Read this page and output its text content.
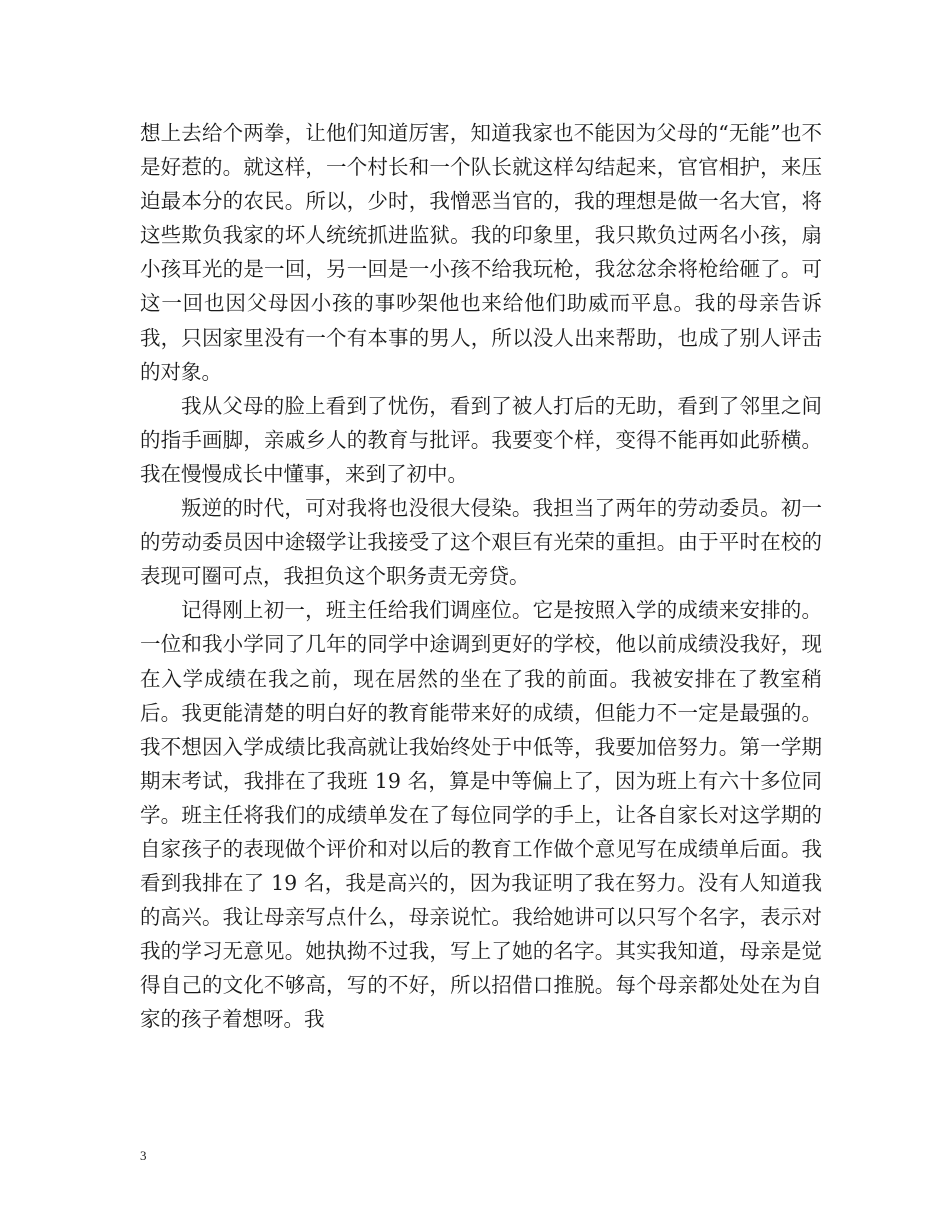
想上去给个两拳，让他们知道厉害，知道我家也不能因为父母的“无能”也不是好惹的。就这样，一个村长和一个队长就这样勾结起来，官官相护，来压迫最本分的农民。所以，少时，我憎恶当官的，我的理想是做一名大官，将这些欺负我家的坏人统统抓进监狱。我的印象里，我只欺负过两名小孩，扇小孩耳光的是一回，另一回是一小孩不给我玩枪，我忿忿余将枪给砸了。可这一回也因父母因小孩的事吵架他也来给他们助威而平息。我的母亲告诉我，只因家里没有一个有本事的男人，所以没人出来帮助，也成了别人评击的对象。

我从父母的脸上看到了忧伤，看到了被人打后的无助，看到了邻里之间的指手画脚，亲戚乡人的教育与批评。我要变个样，变得不能再如此骄横。我在慢慢成长中懂事，来到了初中。

叛逆的时代，可对我将也没很大侵染。我担当了两年的劳动委员。初一的劳动委员因中途辍学让我接受了这个艰巨有光荣的重担。由于平时在校的表现可圈可点，我担负这个职务责无旁贷。

记得刚上初一，班主任给我们调座位。它是按照入学的成绩来安排的。一位和我小学同了几年的同学中途调到更好的学校，他以前成绩没我好，现在入学成绩在我之前，现在居然的坐在了我的前面。我被安排在了教室稍后。我更能清楚的明白好的教育能带来好的成绩，但能力不一定是最强的。我不想因入学成绩比我高就让我始终处于中低等，我要加倍努力。第一学期期末考试，我排在了我班 19 名，算是中等偏上了，因为班上有六十多位同学。班主任将我们的成绩单发在了每位同学的手上，让各自家长对这学期的自家孩子的表现做个评价和对以后的教育工作做个意见写在成绩单后面。我看到我排在了 19 名，我是高兴的，因为我证明了我在努力。没有人知道我的高兴。我让母亲写点什么，母亲说忙。我给她讲可以只写个名字，表示对我的学习无意见。她执拗不过我，写上了她的名字。其实我知道，母亲是觉得自己的文化不够高，写的不好，所以招借口推脱。每个母亲都处处在为自家的孩子着想呀。我

3
